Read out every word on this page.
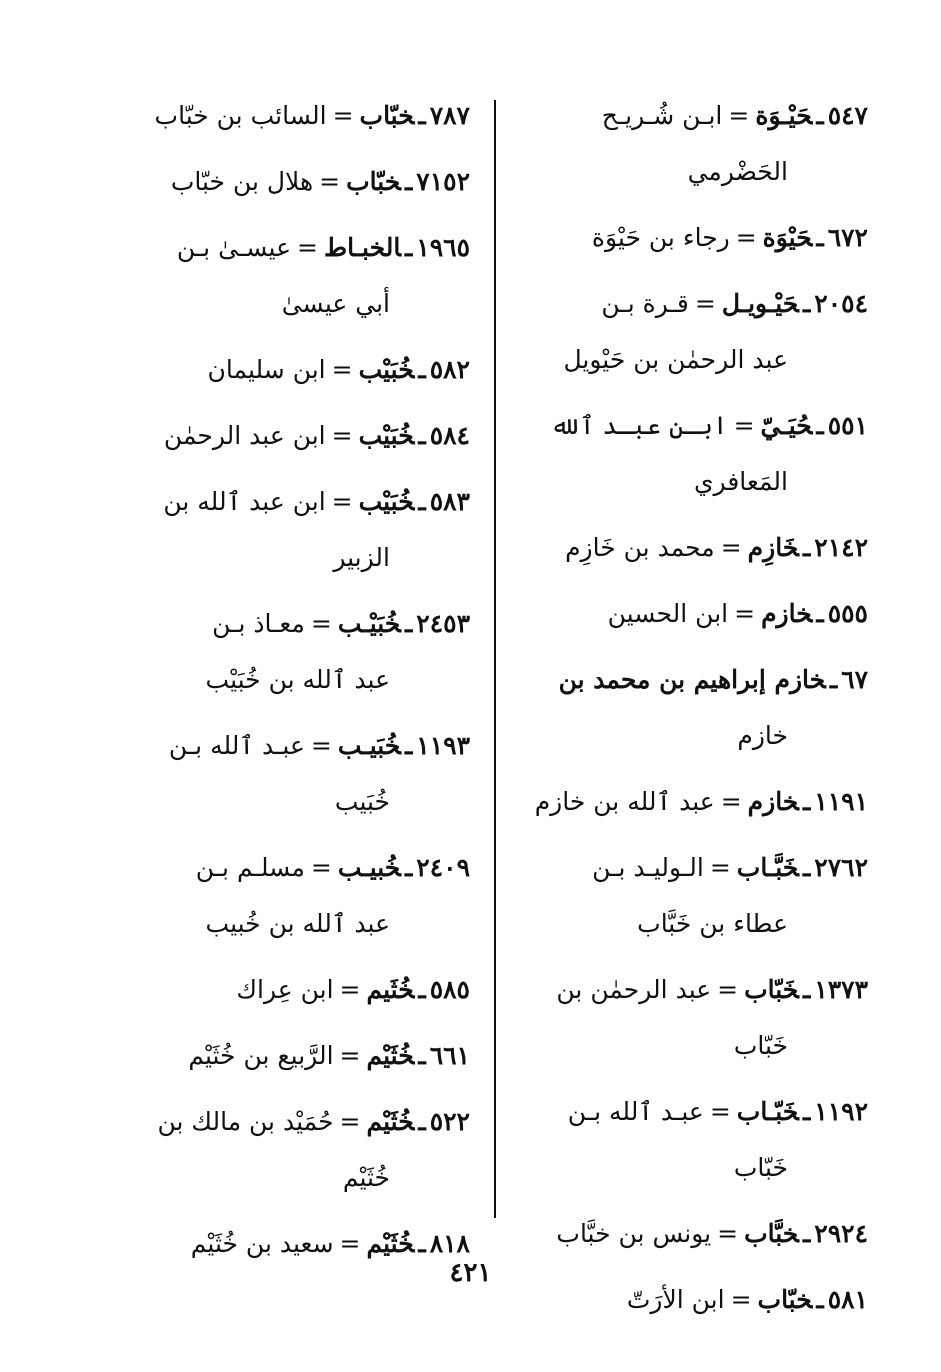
٥٤٧ـحَيْـوَة=ابـن شُـريـح
الحَضْرمي
٦٧٢ـحَيْوَة=رجاء بن حَيْوَة
٢٠٥٤ـحَيْـويـل=قـرة بـن
عبد الرحمٰن بن حَيْويل
٥٥١ـحُيَـيّ=ابـن عبـد ٱلله
المَعافري
٢١٤٢ـخَازِم=محمد بن خَازِم
٥٥٥ـخازم=ابن الحسين
٦٧ـخازم إبراهيم بن محمد بن
خازم
١١٩١ـخازم=عبد ٱلله بن خازم
٢٧٦٢ـخَبَّـاب=الـوليـد بـن
عطاء بن خَبَّاب
١٣٧٣ـخَبّاب=عبد الرحمٰن بن
خَبّاب
١١٩٢ـخَبّـاب=عبـد ٱلله بـن
خَبّاب
٢٩٢٤ـخبَّاب=يونس بن خبَّاب
٥٨١ـخبّاب=ابن الأرَتّ
٧٨٧ـخبّاب=السائب بن خبّاب
٧١٥٢ـخبّاب=هلال بن خبّاب
١٩٦٥ـالخبـاط=عيسـىٰ بـن
أبي عيسىٰ
٥٨٢ـخُبَيْب=ابن سليمان
٥٨٤ـخُبَيْب=ابن عبد الرحمٰن
٥٨٣ـخُبَيْب=ابن عبد ٱلله بن
الزبير
٢٤٥٣ـخُبَيْـب=معـاذ بـن
عبد ٱلله بن خُبَيْب
١١٩٣ـخُبَيـب=عبـد ٱلله بـن
خُبَيب
٢٤٠٩ـخُبيـب=مسلـم بـن
عبد ٱلله بن خُبيب
٥٨٥ـخُثَيم=ابن عِراك
٦٦١ـخُثَيْم=الرَّبيع بن خُثَيْم
٥٢٢ـخُثَيْم=حُمَيْد بن مالك بن
خُثَيْم
٨١٨ـخُثَيْم=سعيد بن خُثَيْم
٤٢١
